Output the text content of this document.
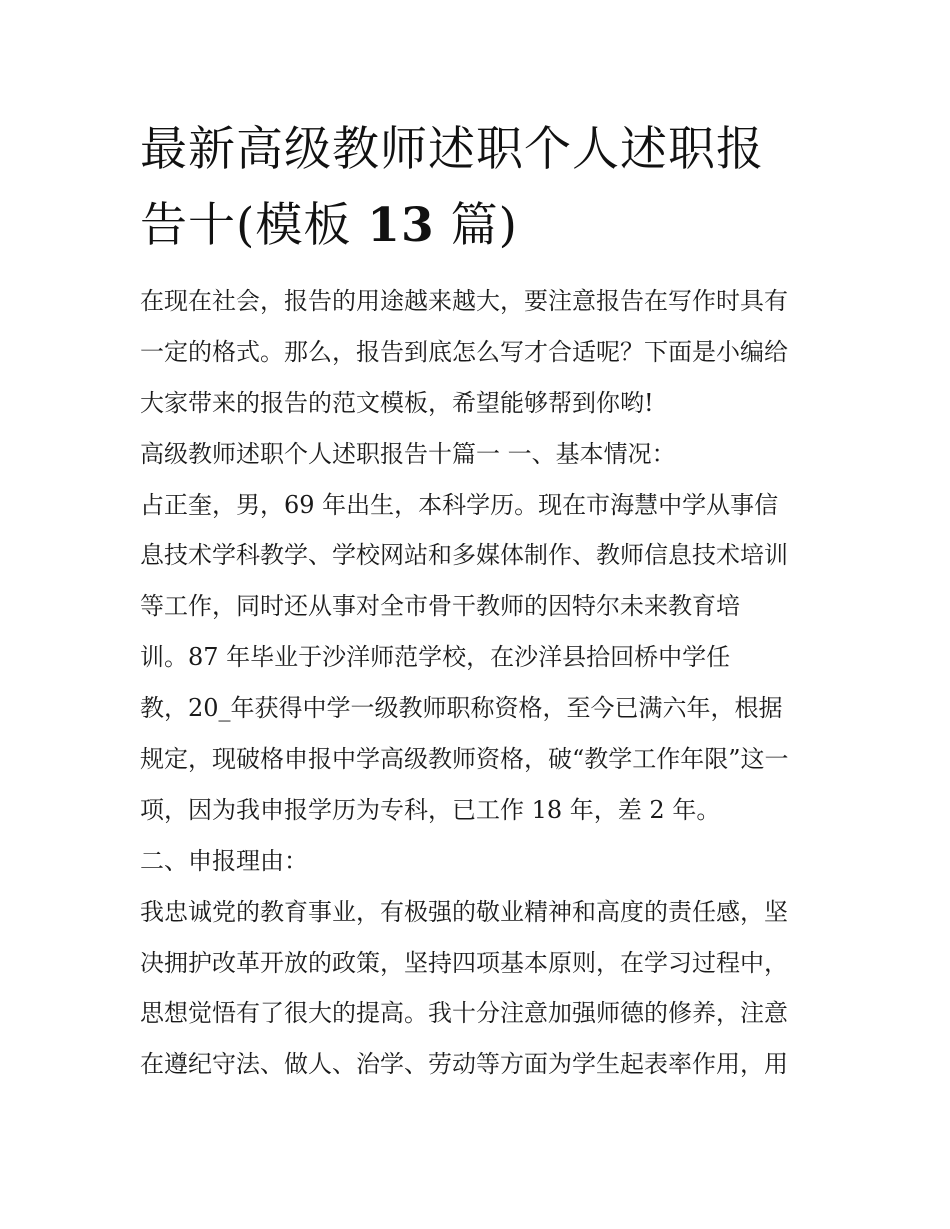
最新高级教师述职个人述职报
告十(模板 13 篇)
在现在社会，报告的用途越来越大，要注意报告在写作时具有
一定的格式。那么，报告到底怎么写才合适呢？下面是小编给
大家带来的报告的范文模板，希望能够帮到你哟!
高级教师述职个人述职报告十篇一 一、基本情况：
占正奎，男，69 年出生，本科学历。现在市海慧中学从事信
息技术学科教学、学校网站和多媒体制作、教师信息技术培训
等工作，同时还从事对全市骨干教师的因特尔未来教育培
训。87 年毕业于沙洋师范学校，在沙洋县拾回桥中学任
教，20_年获得中学一级教师职称资格，至今已满六年，根据
规定，现破格申报中学高级教师资格，破“教学工作年限”这一
项，因为我申报学历为专科，已工作 18 年，差 2 年。
二、申报理由：
我忠诚党的教育事业，有极强的敬业精神和高度的责任感，坚
决拥护改革开放的政策，坚持四项基本原则，在学习过程中，
思想觉悟有了很大的提高。我十分注意加强师德的修养，注意
在遵纪守法、做人、治学、劳动等方面为学生起表率作用，用
